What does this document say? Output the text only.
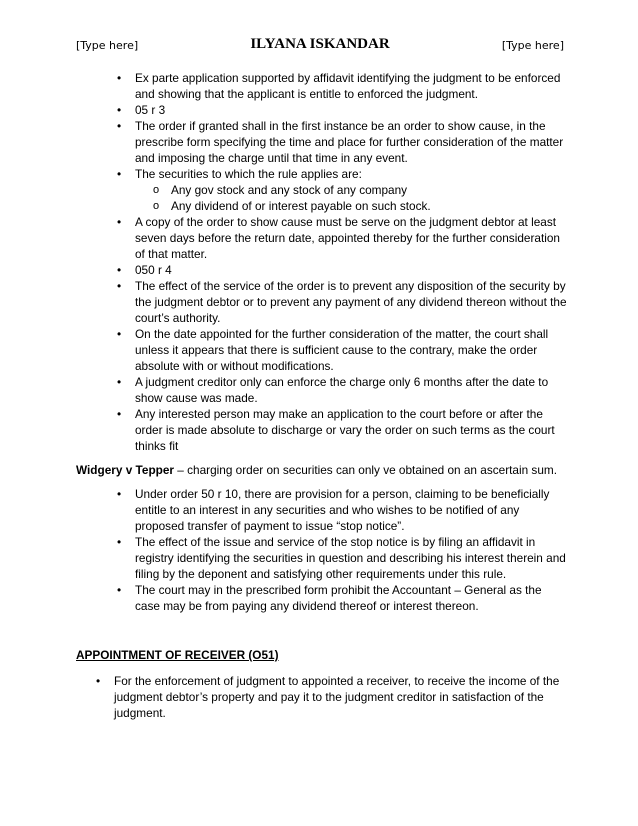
[Type here]	ILYANA ISKANDAR	[Type here]
• Ex parte application supported by affidavit identifying the judgment to be enforced and showing that the applicant is entitle to enforced the judgment.
• 05 r 3
• The order if granted shall in the first instance be an order to show cause, in the prescribe form specifying the time and place for further consideration of the matter and imposing the charge until that time in any event.
• The securities to which the rule applies are:
o Any gov stock and any stock of any company
o Any dividend of or interest payable on such stock.
• A copy of the order to show cause must be serve on the judgment debtor at least seven days before the return date, appointed thereby for the further consideration of that matter.
• 050 r 4
• The effect of the service of the order is to prevent any disposition of the security by the judgment debtor or to prevent any payment of any dividend thereon without the court’s authority.
• On the date appointed for the further consideration of the matter, the court shall unless it appears that there is sufficient cause to the contrary, make the order absolute with or without modifications.
• A judgment creditor only can enforce the charge only 6 months after the date to show cause was made.
• Any interested person may make an application to the court before or after the order is made absolute to discharge or vary the order on such terms as the court thinks fit

Widgery v Tepper – charging order on securities can only ve obtained on an ascertain sum.

• Under order 50 r 10, there are provision for a person, claiming to be beneficially entitle to an interest in any securities and who wishes to be notified of any proposed transfer of payment to issue “stop notice”.
• The effect of the issue and service of the stop notice is by filing an affidavit in registry identifying the securities in question and describing his interest therein and filing by the deponent and satisfying other requirements under this rule.
• The court may in the prescribed form prohibit the Accountant – General as the case may be from paying any dividend thereof or interest thereon.
APPOINTMENT OF RECEIVER (O51)
• For the enforcement of judgment to appointed a receiver, to receive the income of the judgment debtor’s property and pay it to the judgment creditor in satisfaction of the judgment.
